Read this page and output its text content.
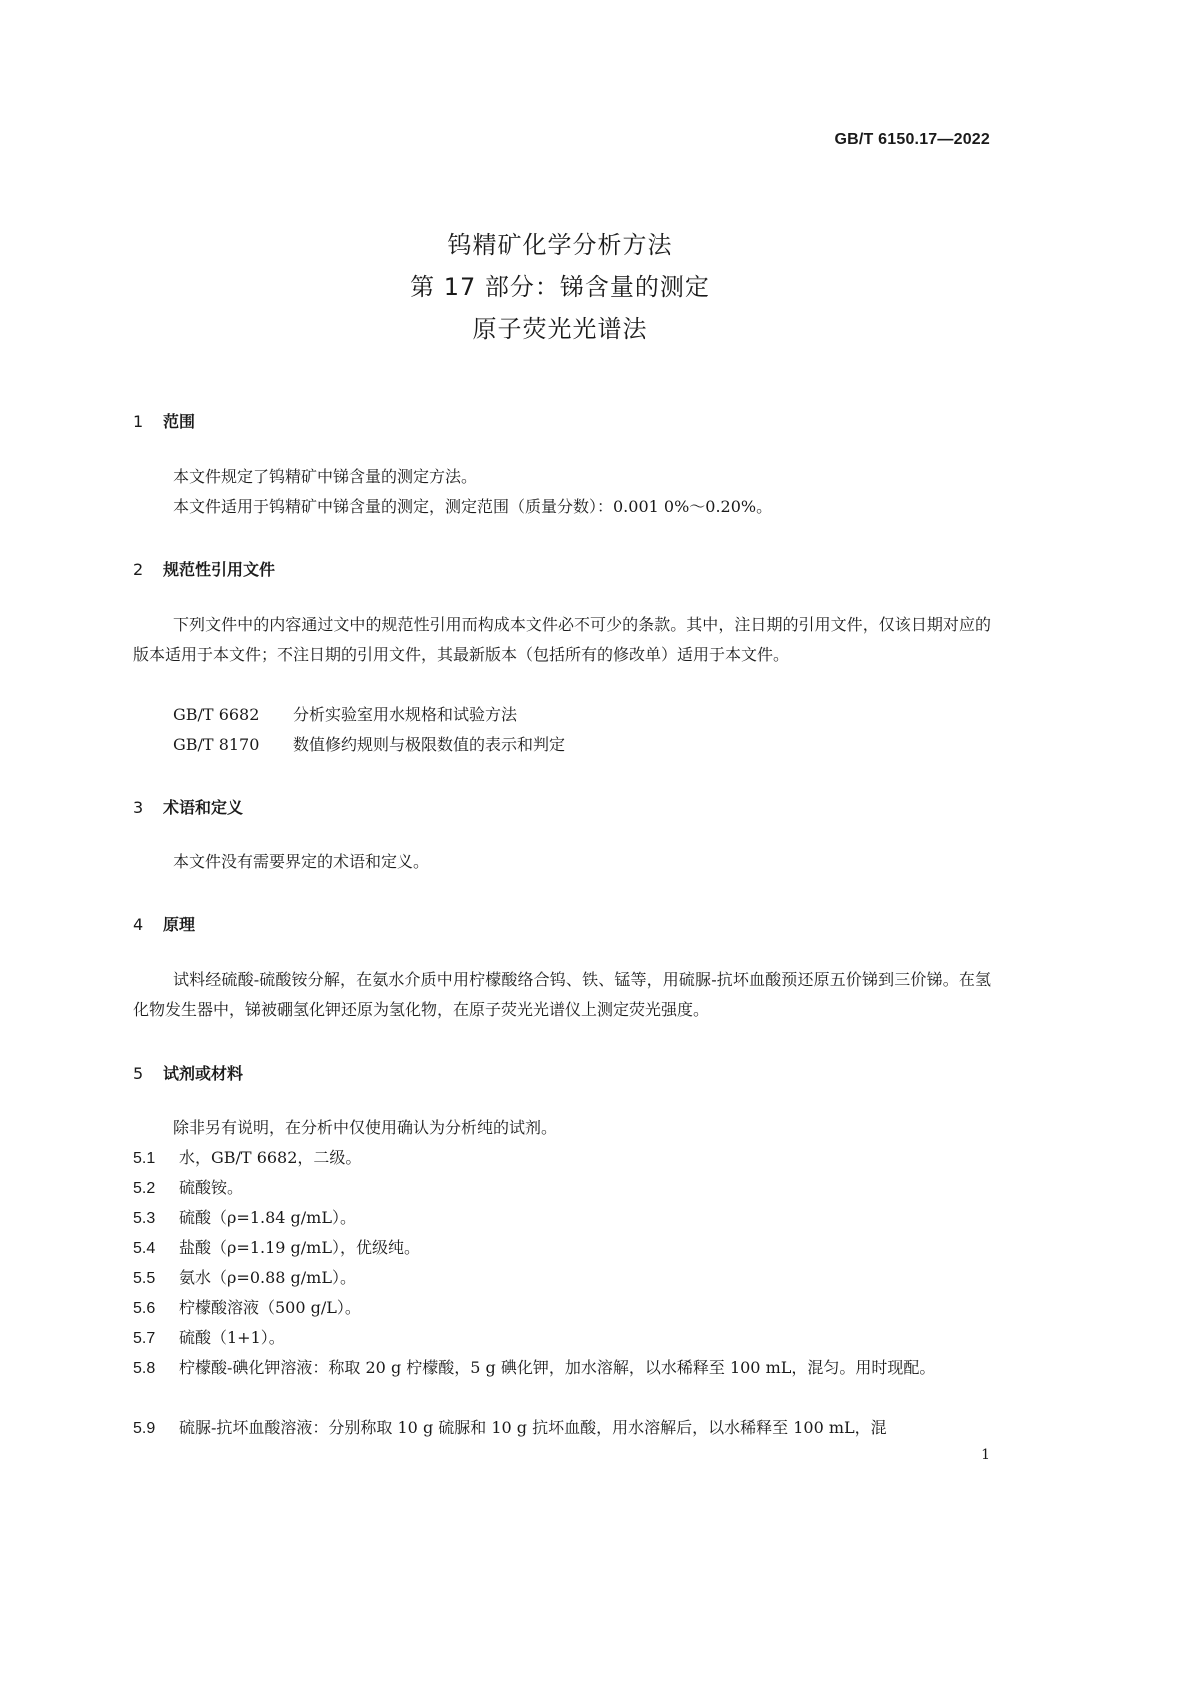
GB/T 6150.17—2022
钨精矿化学分析方法
第 17 部分：锑含量的测定
原子荧光光谱法
1 范围

本文件规定了钨精矿中锑含量的测定方法。

本文件适用于钨精矿中锑含量的测定，测定范围（质量分数）：0.001 0%～0.20%。

2 规范性引用文件

下列文件中的内容通过文中的规范性引用而构成本文件必不可少的条款。其中，注日期的引用文件，仅该日期对应的版本适用于本文件；不注日期的引用文件，其最新版本（包括所有的修改单）适用于本文件。

GB/T 6682 分析实验室用水规格和试验方法
GB/T 8170 数值修约规则与极限数值的表示和判定
3 术语和定义

本文件没有需要界定的术语和定义。

4 原理

试料经硫酸-硫酸铵分解，在氨水介质中用柠檬酸络合钨、铁、锰等，用硫脲-抗坏血酸预还原五价锑到三价锑。在氢化物发生器中，锑被硼氢化钾还原为氢化物，在原子荧光光谱仪上测定荧光强度。

5 试剂或材料

除非另有说明，在分析中仅使用确认为分析纯的试剂。

5.1 水，GB/T 6682，二级。
5.2 硫酸铵。
5.3 硫酸（ρ=1.84 g/mL）。
5.4 盐酸（ρ=1.19 g/mL），优级纯。
5.5 氨水（ρ=0.88 g/mL）。
5.6 柠檬酸溶液（500 g/L）。
5.7 硫酸（1+1）。
5.8 柠檬酸-碘化钾溶液：称取 20 g 柠檬酸，5 g 碘化钾，加水溶解，以水稀释至 100 mL，混匀。用时现配。
5.9 硫脲-抗坏血酸溶液：分别称取 10 g 硫脲和 10 g 抗坏血酸，用水溶解后，以水稀释至 100 mL，混
1
